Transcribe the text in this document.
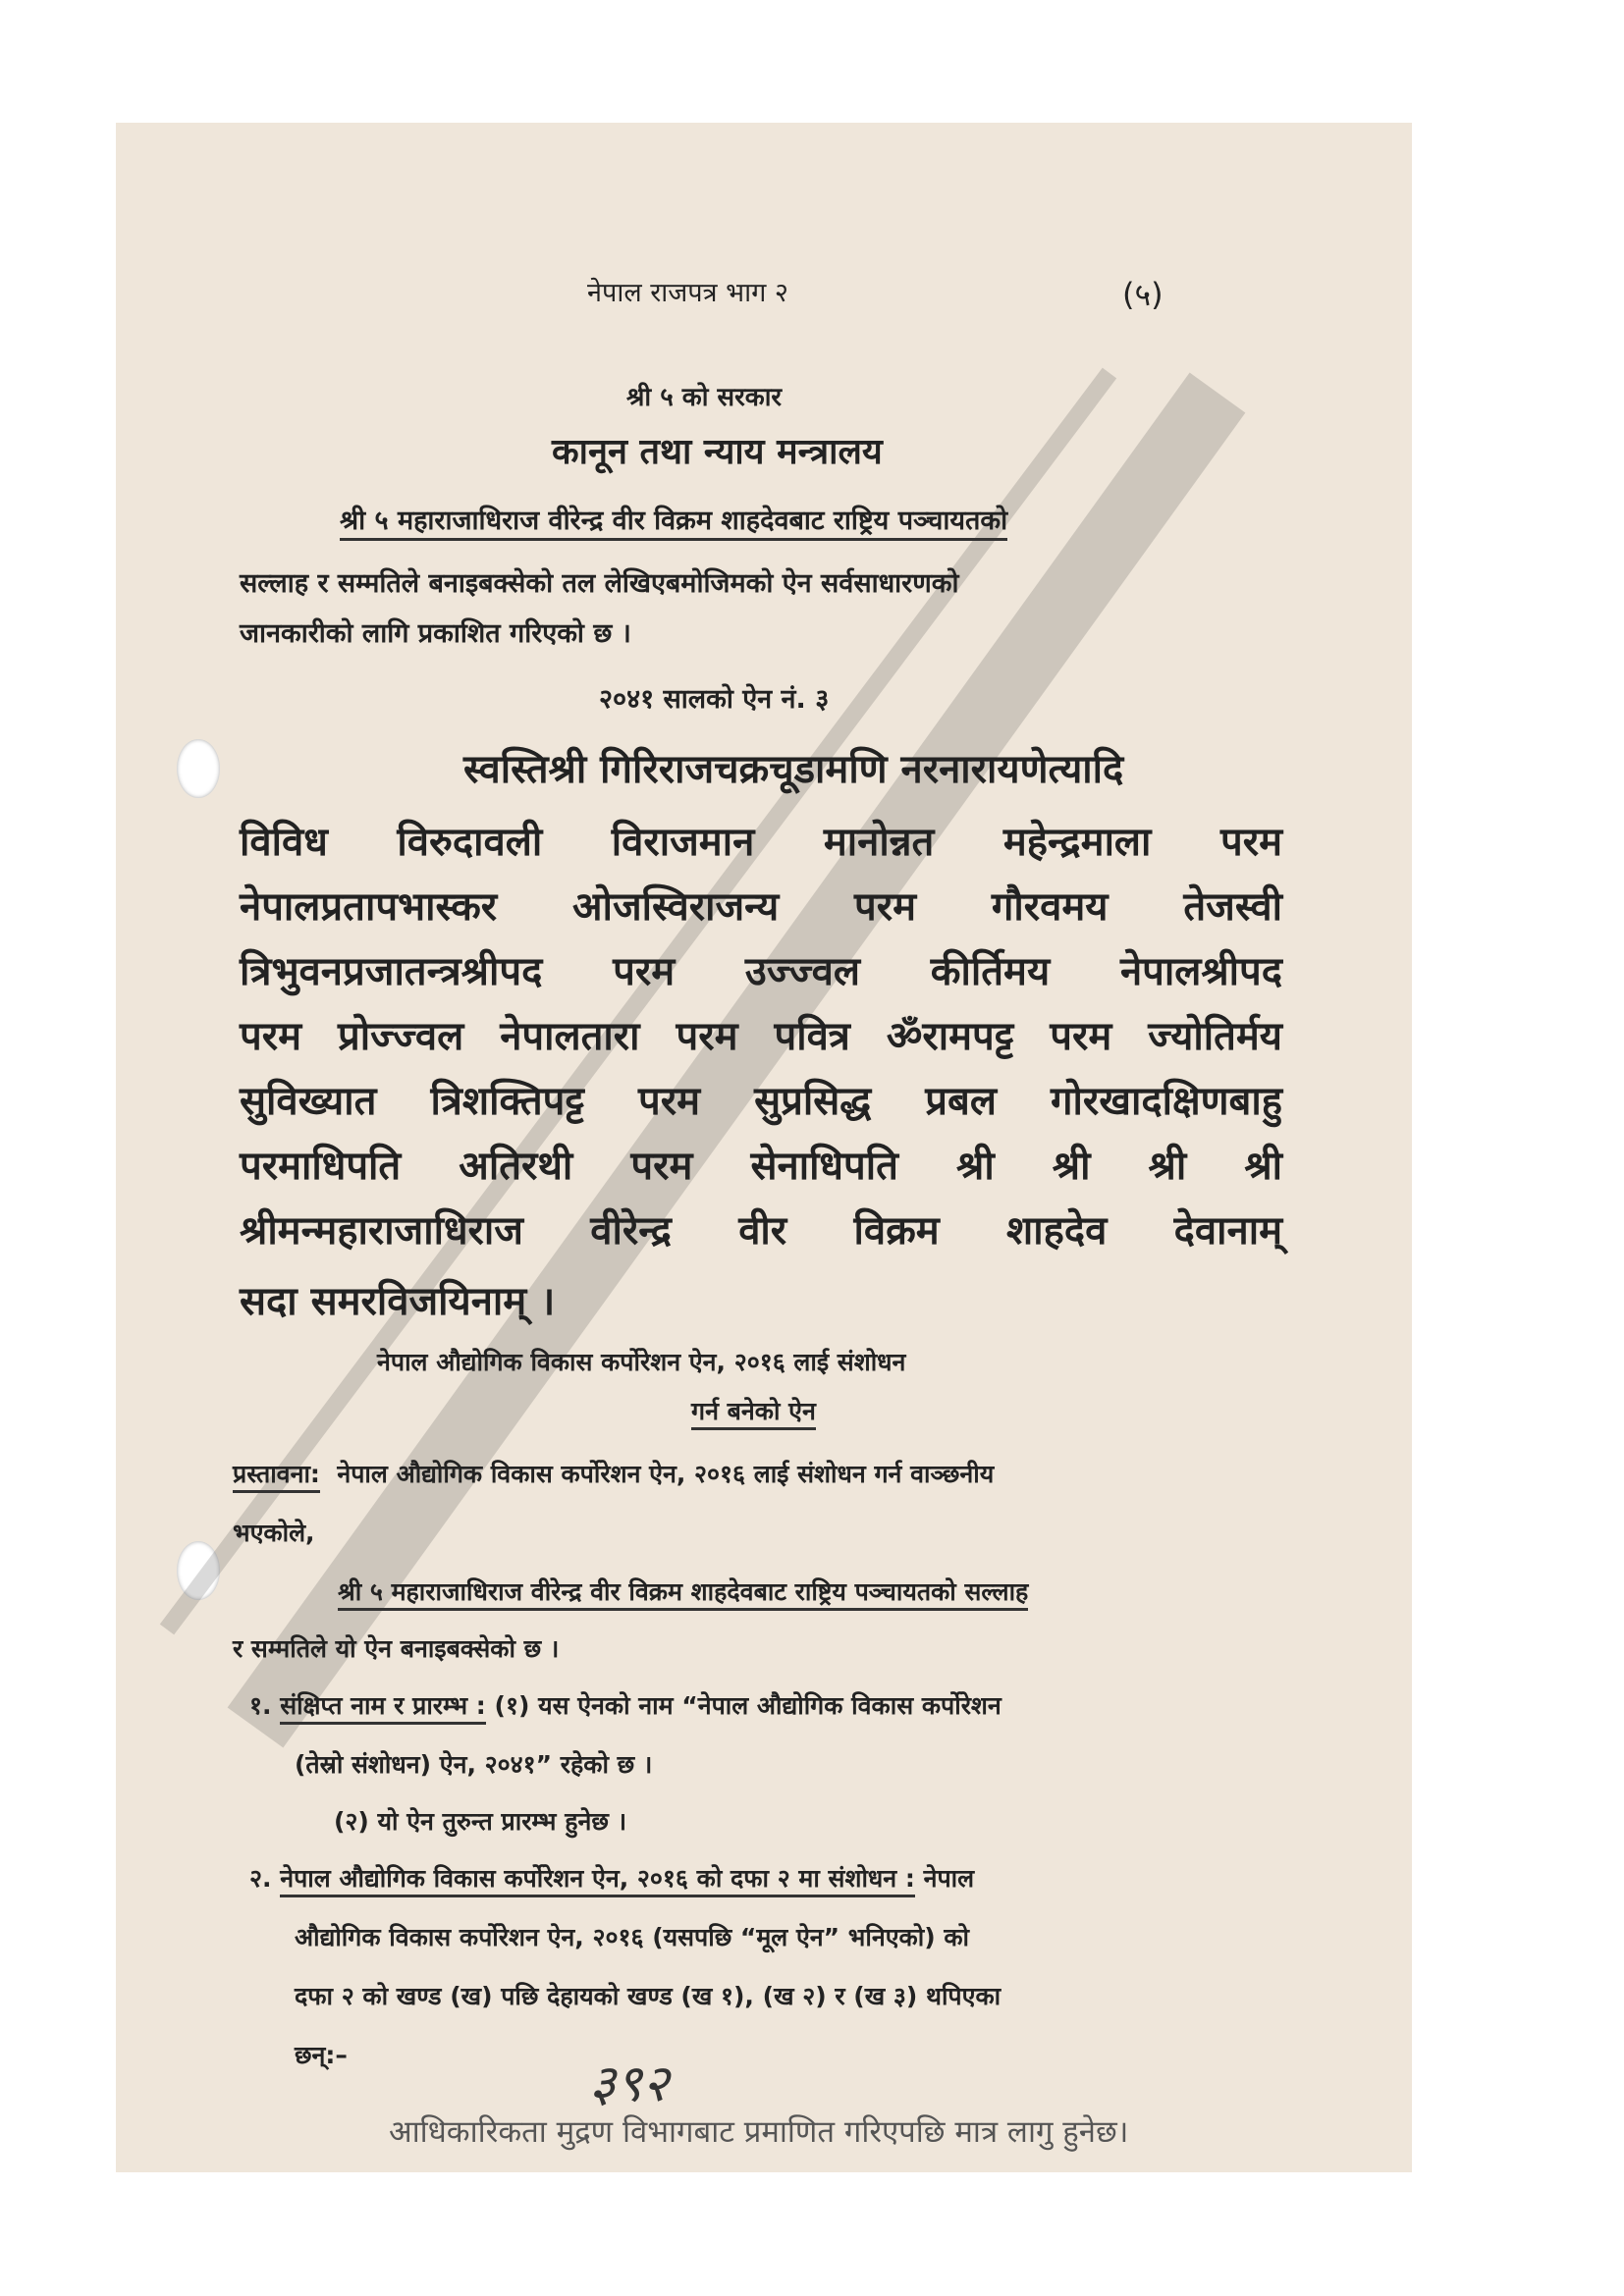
नेपाल राजपत्र भाग २	(५)
श्री ५ को सरकार
कानून तथा न्याय मन्त्रालय
श्री ५ महाराजाधिराज वीरेन्द्र वीर विक्रम शाहदेवबाट राष्ट्रिय पञ्चायतको
सल्लाह र सम्मतिले बनाइबक्सेको तल लेखिएबमोजिमको ऐन सर्वसाधारणको
जानकारीको लागि प्रकाशित गरिएको छ ।
२०४१ सालको ऐन नं. ३
स्वस्तिश्री गिरिराजचक्रचूडामणि नरनारायणेत्यादि
विविध विरुदावली विराजमान मानोन्नत महेन्द्रमाला परम
नेपालप्रतापभास्कर ओजस्विराजन्य परम गौरवमय तेजस्वी
त्रिभुवनप्रजातन्त्रश्रीपद परम उज्ज्वल कीर्तिमय नेपालश्रीपद
परम प्रोज्ज्वल नेपालतारा परम पवित्र ॐरामपट्ट परम ज्योतिर्मय
सुविख्यात त्रिशक्तिपट्ट परम सुप्रसिद्ध प्रबल गोरखादक्षिणबाहु
परमाधिपति अतिरथी परम सेनाधिपति श्री श्री श्री श्री
श्रीमन्महाराजाधिराज वीरेन्द्र वीर विक्रम शाहदेव देवानाम्
सदा समरविजयिनाम् ।
नेपाल औद्योगिक विकास कर्पोरेशन ऐन, २०१६ लाई संशोधन
गर्न बनेको ऐन
प्रस्तावना: नेपाल औद्योगिक विकास कर्पोरेशन ऐन, २०१६ लाई संशोधन गर्न वाञ्छनीय
भएकोले,
श्री ५ महाराजाधिराज वीरेन्द्र वीर विक्रम शाहदेवबाट राष्ट्रिय पञ्चायतको सल्लाह
र सम्मतिले यो ऐन बनाइबक्सेको छ ।
१. संक्षिप्त नाम र प्रारम्भ : (१) यस ऐनको नाम “नेपाल औद्योगिक विकास कर्पोरेशन
(तेस्रो संशोधन) ऐन, २०४१” रहेको छ ।
(२) यो ऐन तुरुन्त प्रारम्भ हुनेछ ।
२. नेपाल औद्योगिक विकास कर्पोरेशन ऐन, २०१६ को दफा २ मा संशोधन : नेपाल
औद्योगिक विकास कर्पोरेशन ऐन, २०१६ (यसपछि “मूल ऐन” भनिएको) को
दफा २ को खण्ड (ख) पछि देहायको खण्ड (ख १), (ख २) र (ख ३) थपिएका
छन्:–	३९२
आधिकारिकता मुद्रण विभागबाट प्रमाणित गरिएपछि मात्र लागु हुनेछ।
